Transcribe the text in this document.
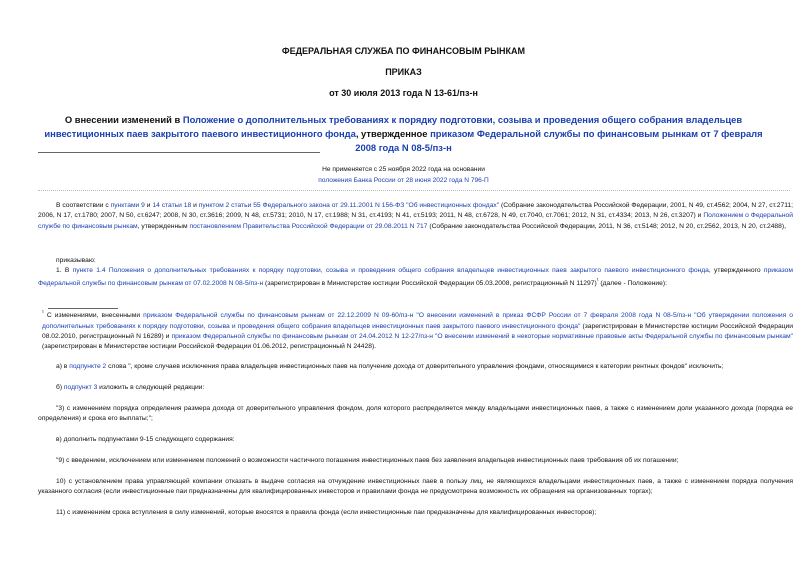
ФЕДЕРАЛЬНАЯ СЛУЖБА ПО ФИНАНСОВЫМ РЫНКАМ
ПРИКАЗ
от 30 июля 2013 года N 13-61/пз-н
О внесении изменений в Положение о дополнительных требованиях к порядку подготовки, созыва и проведения общего собрания владельцев инвестиционных паев закрытого паевого инвестиционного фонда, утвержденное приказом Федеральной службы по финансовым рынкам от 7 февраля 2008 года N 08-5/пз-н
Не применяется с 25 ноября 2022 года на основании
положения Банка России от 28 июня 2022 года N 796-П
В соответствии с пунктами 9 и 14 статьи 18 и пунктом 2 статьи 55 Федерального закона от 29.11.2001 N 156-ФЗ "Об инвестиционных фондах" (Собрание законодательства Российской Федерации, 2001, N 49, ст.4562; 2004, N 27, ст.2711; 2006, N 17, ст.1780; 2007, N 50, ст.6247; 2008, N 30, ст.3616; 2009, N 48, ст.5731; 2010, N 17, ст.1988; N 31, ст.4193; N 41, ст.5193; 2011, N 48, ст.6728, N 49, ст.7040, ст.7061; 2012, N 31, ст.4334; 2013, N 26, ст.3207) и Положением о Федеральной службе по финансовым рынкам, утвержденным постановлением Правительства Российской Федерации от 29.08.2011 N 717 (Собрание законодательства Российской Федерации, 2011, N 36, ст.5148; 2012, N 20, ст.2562, 2013, N 20, ст.2488),
приказываю:
1. В пункте 1.4 Положения о дополнительных требованиях к порядку подготовки, созыва и проведения общего собрания владельцев инвестиционных паев закрытого паевого инвестиционного фонда, утвержденного приказом Федеральной службы по финансовым рынкам от 07.02.2008 N 08-5/пз-н (зарегистрирован в Министерстве юстиции Российской Федерации 05.03.2008, регистрационный N 11297)$^{^1}$ (далее - Положение):
$^{^1}$ С изменениями, внесенными приказом Федеральной службы по финансовым рынкам от 22.12.2009 N 09-60/пз-н "О внесении изменений в приказ ФСФР России от 7 февраля 2008 года N 08-5/пз-н "Об утверждении положения о дополнительных требованиях к порядку подготовки, созыва и проведения общего собрания владельцев инвестиционных паев закрытого паевого инвестиционного фонда" (зарегистрирован в Министерстве юстиции Российской Федерации 08.02.2010, регистрационный N 16289) и приказом Федеральной службы по финансовым рынкам от 24.04.2012 N 12-27/пз-н "О внесении изменений в некоторые нормативные правовые акты Федеральной службы по финансовым рынкам" (зарегистрирован в Министерстве юстиции Российской Федерации 01.06.2012, регистрационный N 24428).
а) в подпункте 2 слова ", кроме случаев исключения права владельцев инвестиционных паев на получение дохода от доверительного управления фондами, относящимися к категории рентных фондов" исключить;
б) подпункт 3 изложить в следующей редакции:
"3) с изменением порядка определения размера дохода от доверительного управления фондом, доля которого распределяется между владельцами инвестиционных паев, а также с изменением доли указанного дохода (порядка ее определения) и срока его выплаты;";
в) дополнить подпунктами 9-15 следующего содержания:
"9) с введением, исключением или изменением положений о возможности частичного погашения инвестиционных паев без заявления владельцев инвестиционных паев требования об их погашении;
10) с установлением права управляющей компании отказать в выдаче согласия на отчуждение инвестиционных паев в пользу лиц, не являющихся владельцами инвестиционных паев, а также с изменением порядка получения указанного согласия (если инвестиционные паи предназначены для квалифицированных инвесторов и правилами фонда не предусмотрена возможность их обращения на организованных торгах);
11) с изменением срока вступления в силу изменений, которые вносятся в правила фонда (если инвестиционные паи предназначены для квалифицированных инвесторов);
